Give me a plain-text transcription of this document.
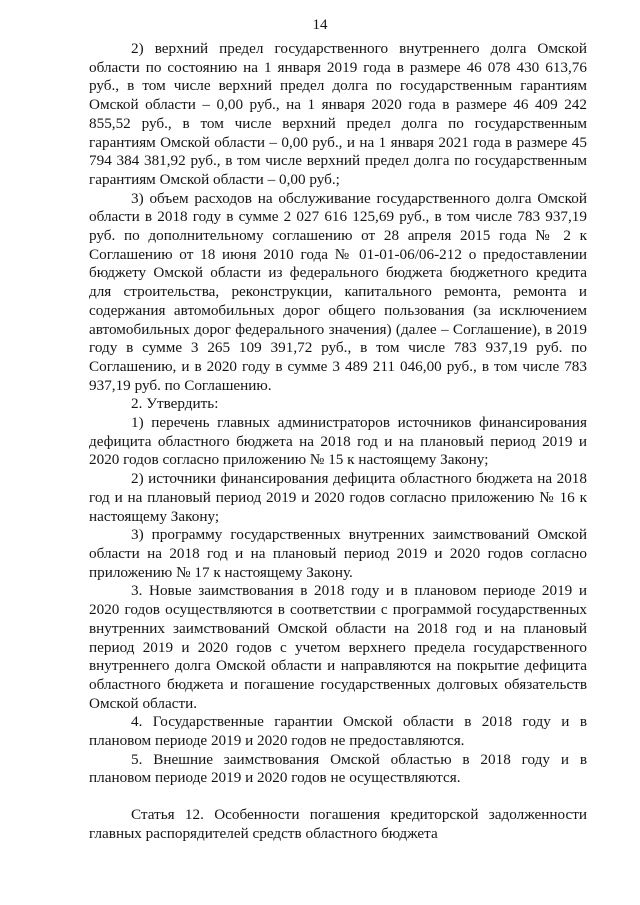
14

2) верхний предел государственного внутреннего долга Омской области по состоянию на 1 января 2019 года в размере 46 078 430 613,76 руб., в том числе верхний предел долга по государственным гарантиям Омской области – 0,00 руб., на 1 января 2020 года в размере 46 409 242 855,52 руб., в том числе верхний предел долга по государственным гарантиям Омской области – 0,00 руб., и на 1 января 2021 года в размере 45 794 384 381,92 руб., в том числе верхний предел долга по государственным гарантиям Омской области – 0,00 руб.;

3) объем расходов на обслуживание государственного долга Омской области в 2018 году в сумме 2 027 616 125,69 руб., в том числе 783 937,19 руб. по дополнительному соглашению от 28 апреля 2015 года № 2 к Соглашению от 18 июня 2010 года № 01-01-06/06-212 о предоставлении бюджету Омской области из федерального бюджета бюджетного кредита для строительства, реконструкции, капитального ремонта, ремонта и содержания автомобильных дорог общего пользования (за исключением автомобильных дорог федерального значения) (далее – Соглашение), в 2019 году в сумме 3 265 109 391,72 руб., в том числе 783 937,19 руб. по Соглашению, и в 2020 году в сумме 3 489 211 046,00 руб., в том числе 783 937,19 руб. по Соглашению.

2. Утвердить:

1) перечень главных администраторов источников финансирования дефицита областного бюджета на 2018 год и на плановый период 2019 и 2020 годов согласно приложению № 15 к настоящему Закону;

2) источники финансирования дефицита областного бюджета на 2018 год и на плановый период 2019 и 2020 годов согласно приложению № 16 к настоящему Закону;

3) программу государственных внутренних заимствований Омской области на 2018 год и на плановый период 2019 и 2020 годов согласно приложению № 17 к настоящему Закону.

3. Новые заимствования в 2018 году и в плановом периоде 2019 и 2020 годов осуществляются в соответствии с программой государственных внутренних заимствований Омской области на 2018 год и на плановый период 2019 и 2020 годов с учетом верхнего предела государственного внутреннего долга Омской области и направляются на покрытие дефицита областного бюджета и погашение государственных долговых обязательств Омской области.

4. Государственные гарантии Омской области в 2018 году и в плановом периоде 2019 и 2020 годов не предоставляются.

5. Внешние заимствования Омской областью в 2018 году и в плановом периоде 2019 и 2020 годов не осуществляются.

Статья 12. Особенности погашения кредиторской задолженности главных распорядителей средств областного бюджета
